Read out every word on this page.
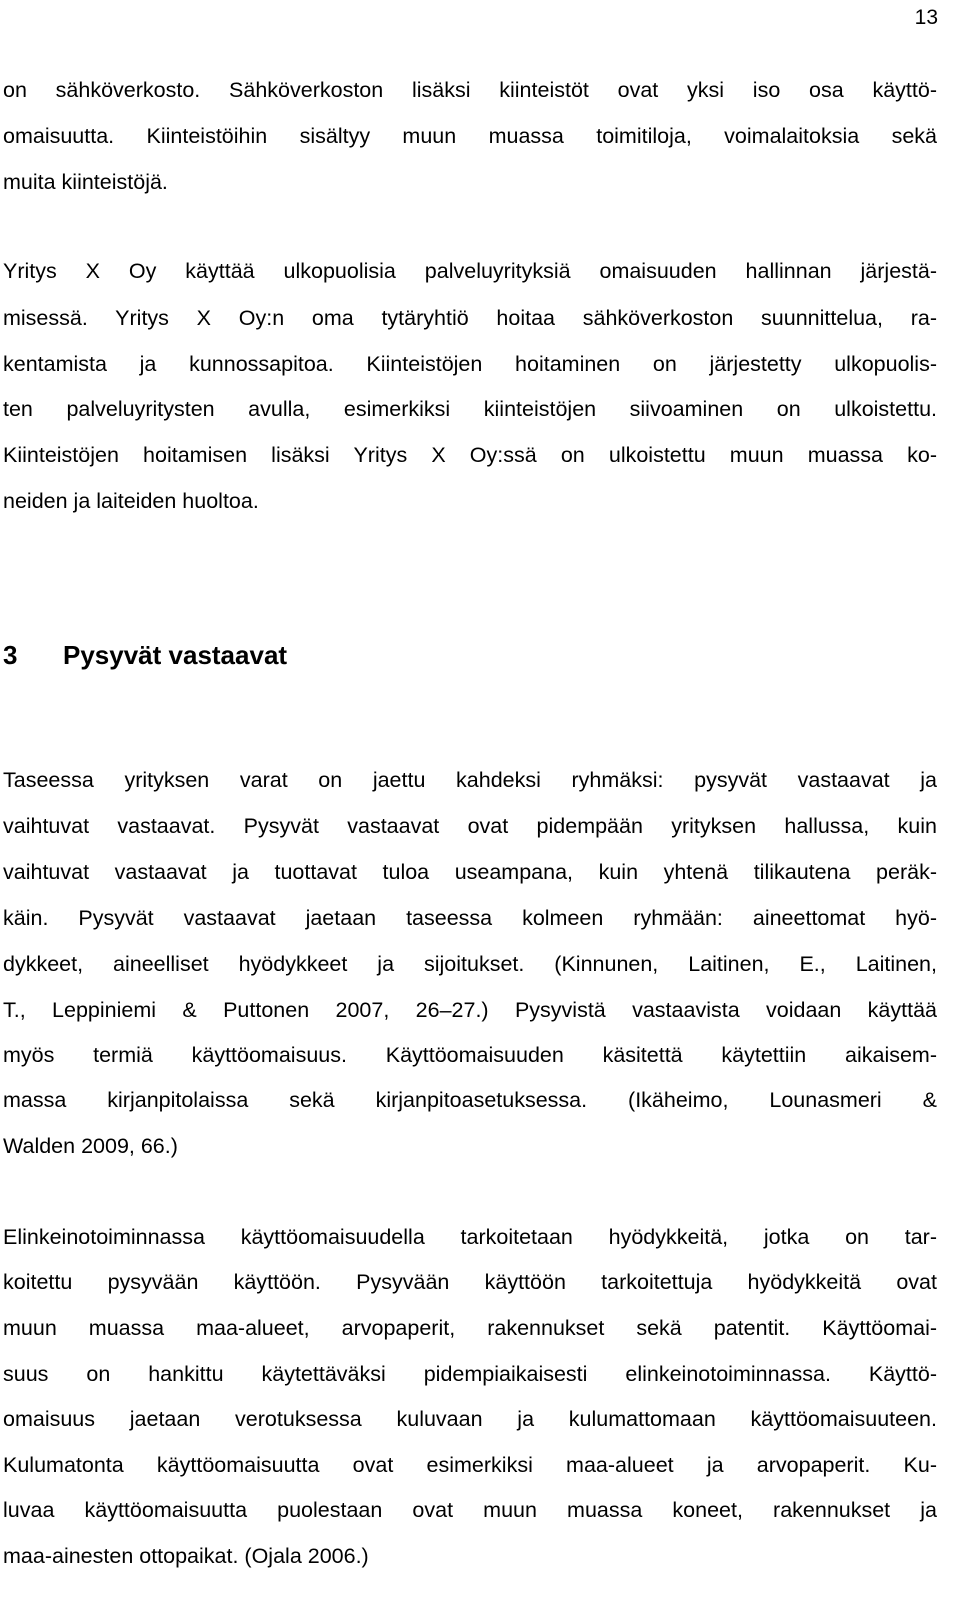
13
on sähköverkosto. Sähköverkoston lisäksi kiinteistöt ovat yksi iso osa käyttö-
omaisuutta. Kiinteistöihin sisältyy muun muassa toimitiloja, voimalaitoksia sekä
muita kiinteistöjä.
Yritys X Oy käyttää ulkopuolisia palveluyrityksiä omaisuuden hallinnan järjestä-
misessä. Yritys X Oy:n oma tytäryhtiö hoitaa sähköverkoston suunnittelua, ra-
kentamista ja kunnossapitoa. Kiinteistöjen hoitaminen on järjestetty ulkopuolis-
ten palveluyritysten avulla, esimerkiksi kiinteistöjen siivoaminen on ulkoistettu.
Kiinteistöjen hoitamisen lisäksi Yritys X Oy:ssä on ulkoistettu muun muassa ko-
neiden ja laiteiden huoltoa.
3 Pysyvät vastaavat
Taseessa yrityksen varat on jaettu kahdeksi ryhmäksi: pysyvät vastaavat ja
vaihtuvat vastaavat. Pysyvät vastaavat ovat pidempään yrityksen hallussa, kuin
vaihtuvat vastaavat ja tuottavat tuloa useampana, kuin yhtenä tilikautena peräk-
käin. Pysyvät vastaavat jaetaan taseessa kolmeen ryhmään: aineettomat hyö-
dykkeet, aineelliset hyödykkeet ja sijoitukset. (Kinnunen, Laitinen, E., Laitinen,
T., Leppiniemi & Puttonen 2007, 26–27.) Pysyvistä vastaavista voidaan käyttää
myös termiä käyttöomaisuus. Käyttöomaisuuden käsitettä käytettiin aikaisem-
massa kirjanpitolaissa sekä kirjanpitoasetuksessa. (Ikäheimo, Lounasmeri &
Walden 2009, 66.)
Elinkeinotoiminnassa käyttöomaisuudella tarkoitetaan hyödykkeitä, jotka on tar-
koitettu pysyvään käyttöön. Pysyvään käyttöön tarkoitettuja hyödykkeitä ovat
muun muassa maa-alueet, arvopaperit, rakennukset sekä patentit. Käyttöomai-
suus on hankittu käytettäväksi pidempiaikaisesti elinkeinotoiminnassa. Käyttö-
omaisuus jaetaan verotuksessa kuluvaan ja kulumattomaan käyttöomaisuuteen.
Kulumatonta käyttöomaisuutta ovat esimerkiksi maa-alueet ja arvopaperit. Ku-
luvaa käyttöomaisuutta puolestaan ovat muun muassa koneet, rakennukset ja
maa-ainesten ottopaikat. (Ojala 2006.)
